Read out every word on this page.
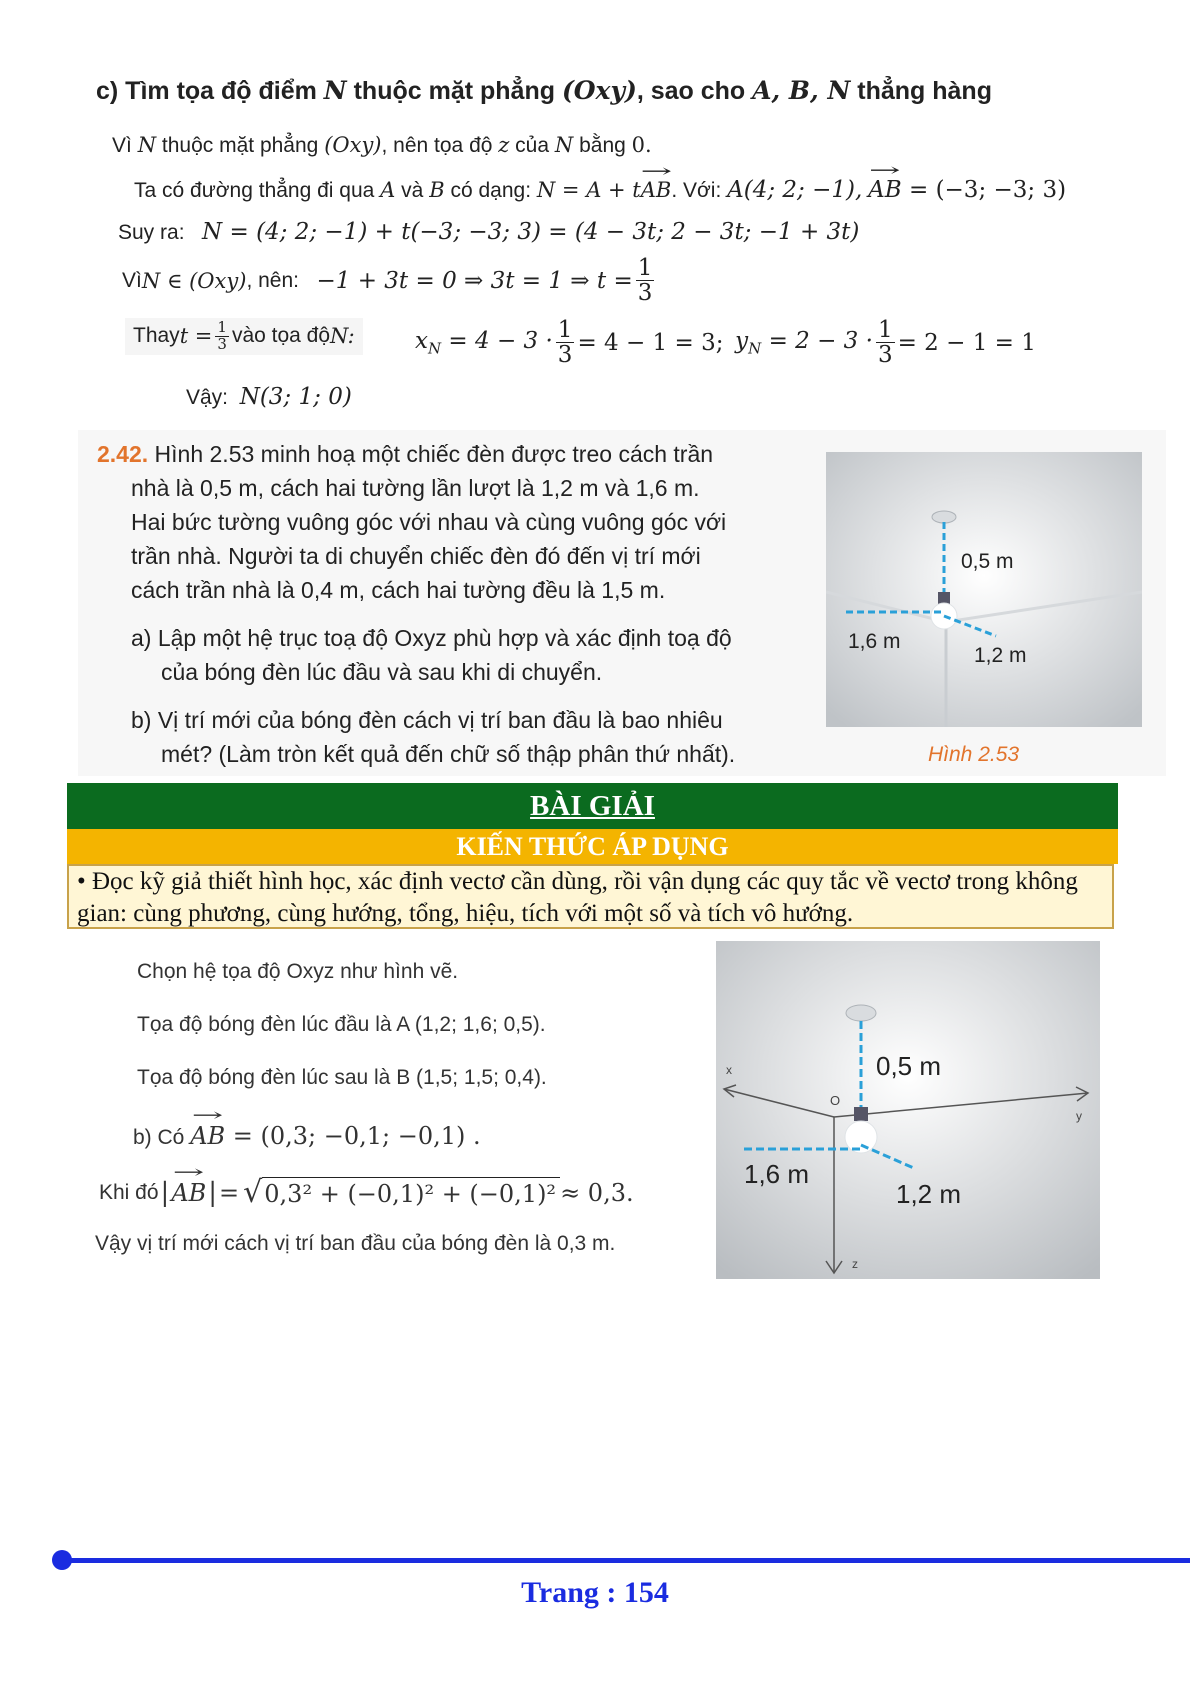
c) Tìm tọa độ điểm N thuộc mặt phẳng (Oxy), sao cho A, B, N thẳng hàng
Vì N thuộc mặt phẳng (Oxy), nên tọa độ z của N bằng 0.
Ta có đường thẳng đi qua A và B có dạng: N = A + t→ AB. Với: A(4; 2; −1), → AB = (−3; −3; 3)
Suy ra: N = (4; 2; −1) + t(−3; −3; 3) = (4 − 3t; 2 − 3t; −1 + 3t)
Vì N ∈ (Oxy) , nên:
−1 + 3t = 0 ⇒ 3t = 1 ⇒ $t = \frac{1}{3}$
Thay $t = \frac{1}{3}$ vào tọa độ N:	$x_N = 4 - 3 \cdot \frac{1}{3} = 4 - 1 = 3$;
$y_N = 2 - 3 \cdot \frac{1}{3} = 2 - 1 = 1$
Vậy: N(3; 1; 0)
2.42. Hình 2.53 minh hoạ một chiếc đèn được treo cách trần
nhà là 0,5 m, cách hai tường lần lượt là 1,2 m và 1,6 m.
Hai bức tường vuông góc với nhau và cùng vuông góc với
trần nhà. Người ta di chuyển chiếc đèn đó đến vị trí mới
cách trần nhà là 0,4 m, cách hai tường đều là 1,5 m.
a) Lập một hệ trục toạ độ Oxyz phù hợp và xác định toạ độ
của bóng đèn lúc đầu và sau khi di chuyển.
b) Vị trí mới của bóng đèn cách vị trí ban đầu là bao nhiêu
mét? (Làm tròn kết quả đến chữ số thập phân thứ nhất).
0,5 m
1,6 m
1,2 m
Hình 2.53
BÀI GIẢI
KIẾN THỨC ÁP DỤNG
• Đọc kỹ giả thiết hình học, xác định vectơ cần dùng, rồi vận dụng các quy tắc về vectơ trong không gian: cùng phương, cùng hướng, tổng, hiệu, tích với một số và tích vô hướng.
Chọn hệ tọa độ Oxyz như hình vẽ.
Tọa độ bóng đèn lúc đầu là A (1,2; 1,6; 0,5).
Tọa độ bóng đèn lúc sau là B (1,5; 1,5; 0,4).
b) Có → AB = (0,3; −0,1; −0,1) .
Khi đó | → AB | = √ 0,3² + (−0,1)² + (−0,1)² ≈ 0,3.
Vậy vị trí mới cách vị trí ban đầu của bóng đèn là 0,3 m.
x
y
z
O
0,5 m
1,6 m
1,2 m
Trang : 154
